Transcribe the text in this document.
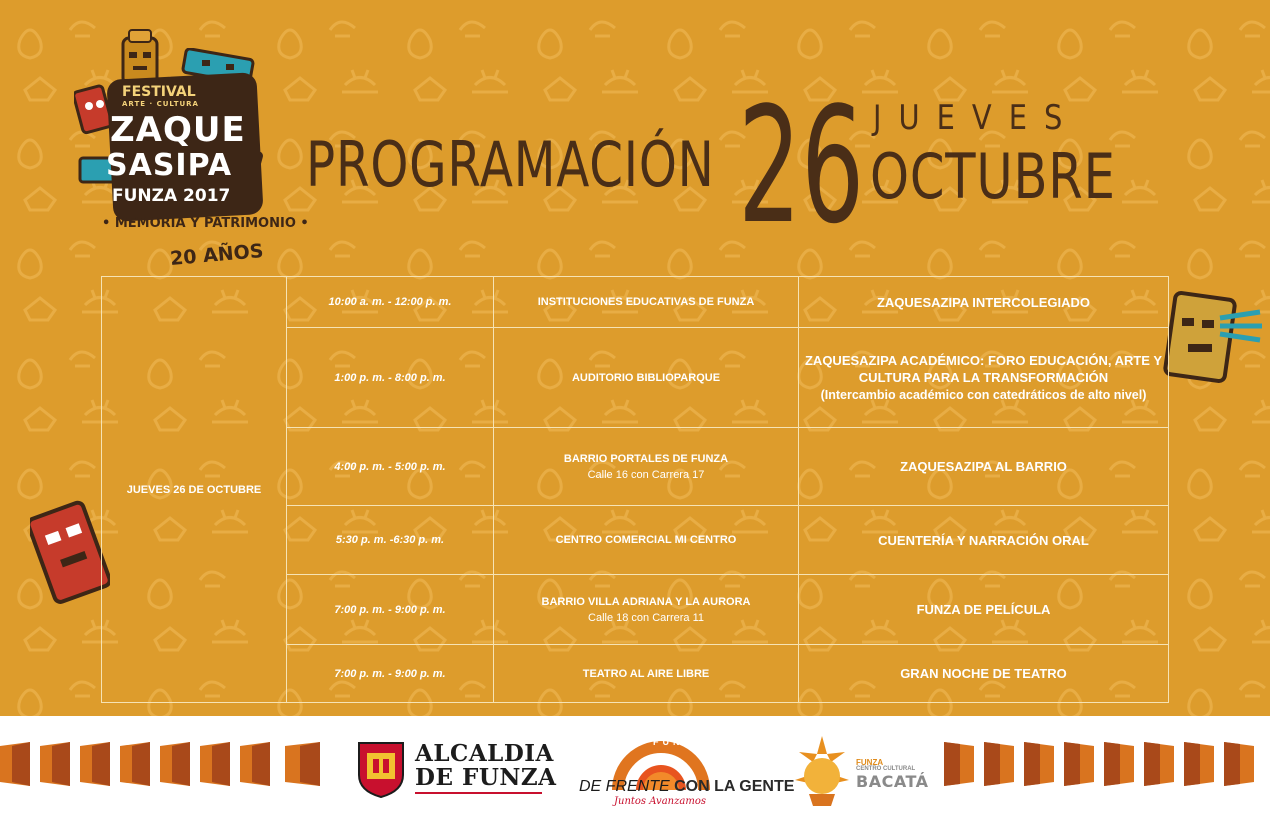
FESTIVAL
ARTE · CULTURA
ZAQUE
SASIPA
FUNZA 2017
• MEMORIA Y PATRIMONIO •
20 AÑOS
PROGRAMACIÓN 26 JUEVES
OCTUBRE
JUEVES 26 DE OCTUBRE	10:00 a. m. - 12:00 p. m.	INSTITUCIONES EDUCATIVAS DE FUNZA	ZAQUESAZIPA INTERCOLEGIADO
	1:00 p. m. - 8:00 p. m.	AUDITORIO BIBLIOPARQUE	ZAQUESAZIPA ACADÉMICO: FORO EDUCACIÓN, ARTE Y CULTURA PARA LA TRANSFORMACIÓN
(Intercambio académico con catedráticos de alto nivel)
	4:00 p. m. - 5:00 p. m.	BARRIO PORTALES DE FUNZA
Calle 16 con Carrera 17	ZAQUESAZIPA AL BARRIO
	5:30 p. m. -6:30 p. m.	CENTRO COMERCIAL MI CENTRO	CUENTERÍA Y NARRACIÓN ORAL
	7:00 p. m. - 9:00 p. m.	BARRIO VILLA ADRIANA Y LA AURORA
Calle 18 con Carrera 11	FUNZA DE PELÍCULA
	7:00 p. m. - 9:00 p. m.	TEATRO AL AIRE LIBRE	GRAN NOCHE DE TEATRO
ALCALDIA
DE FUNZA
FUNZA
DE FRENTE CON LA GENTE
Juntos Avanzamos
FUNZA
CENTRO CULTURAL
BACATÁ
